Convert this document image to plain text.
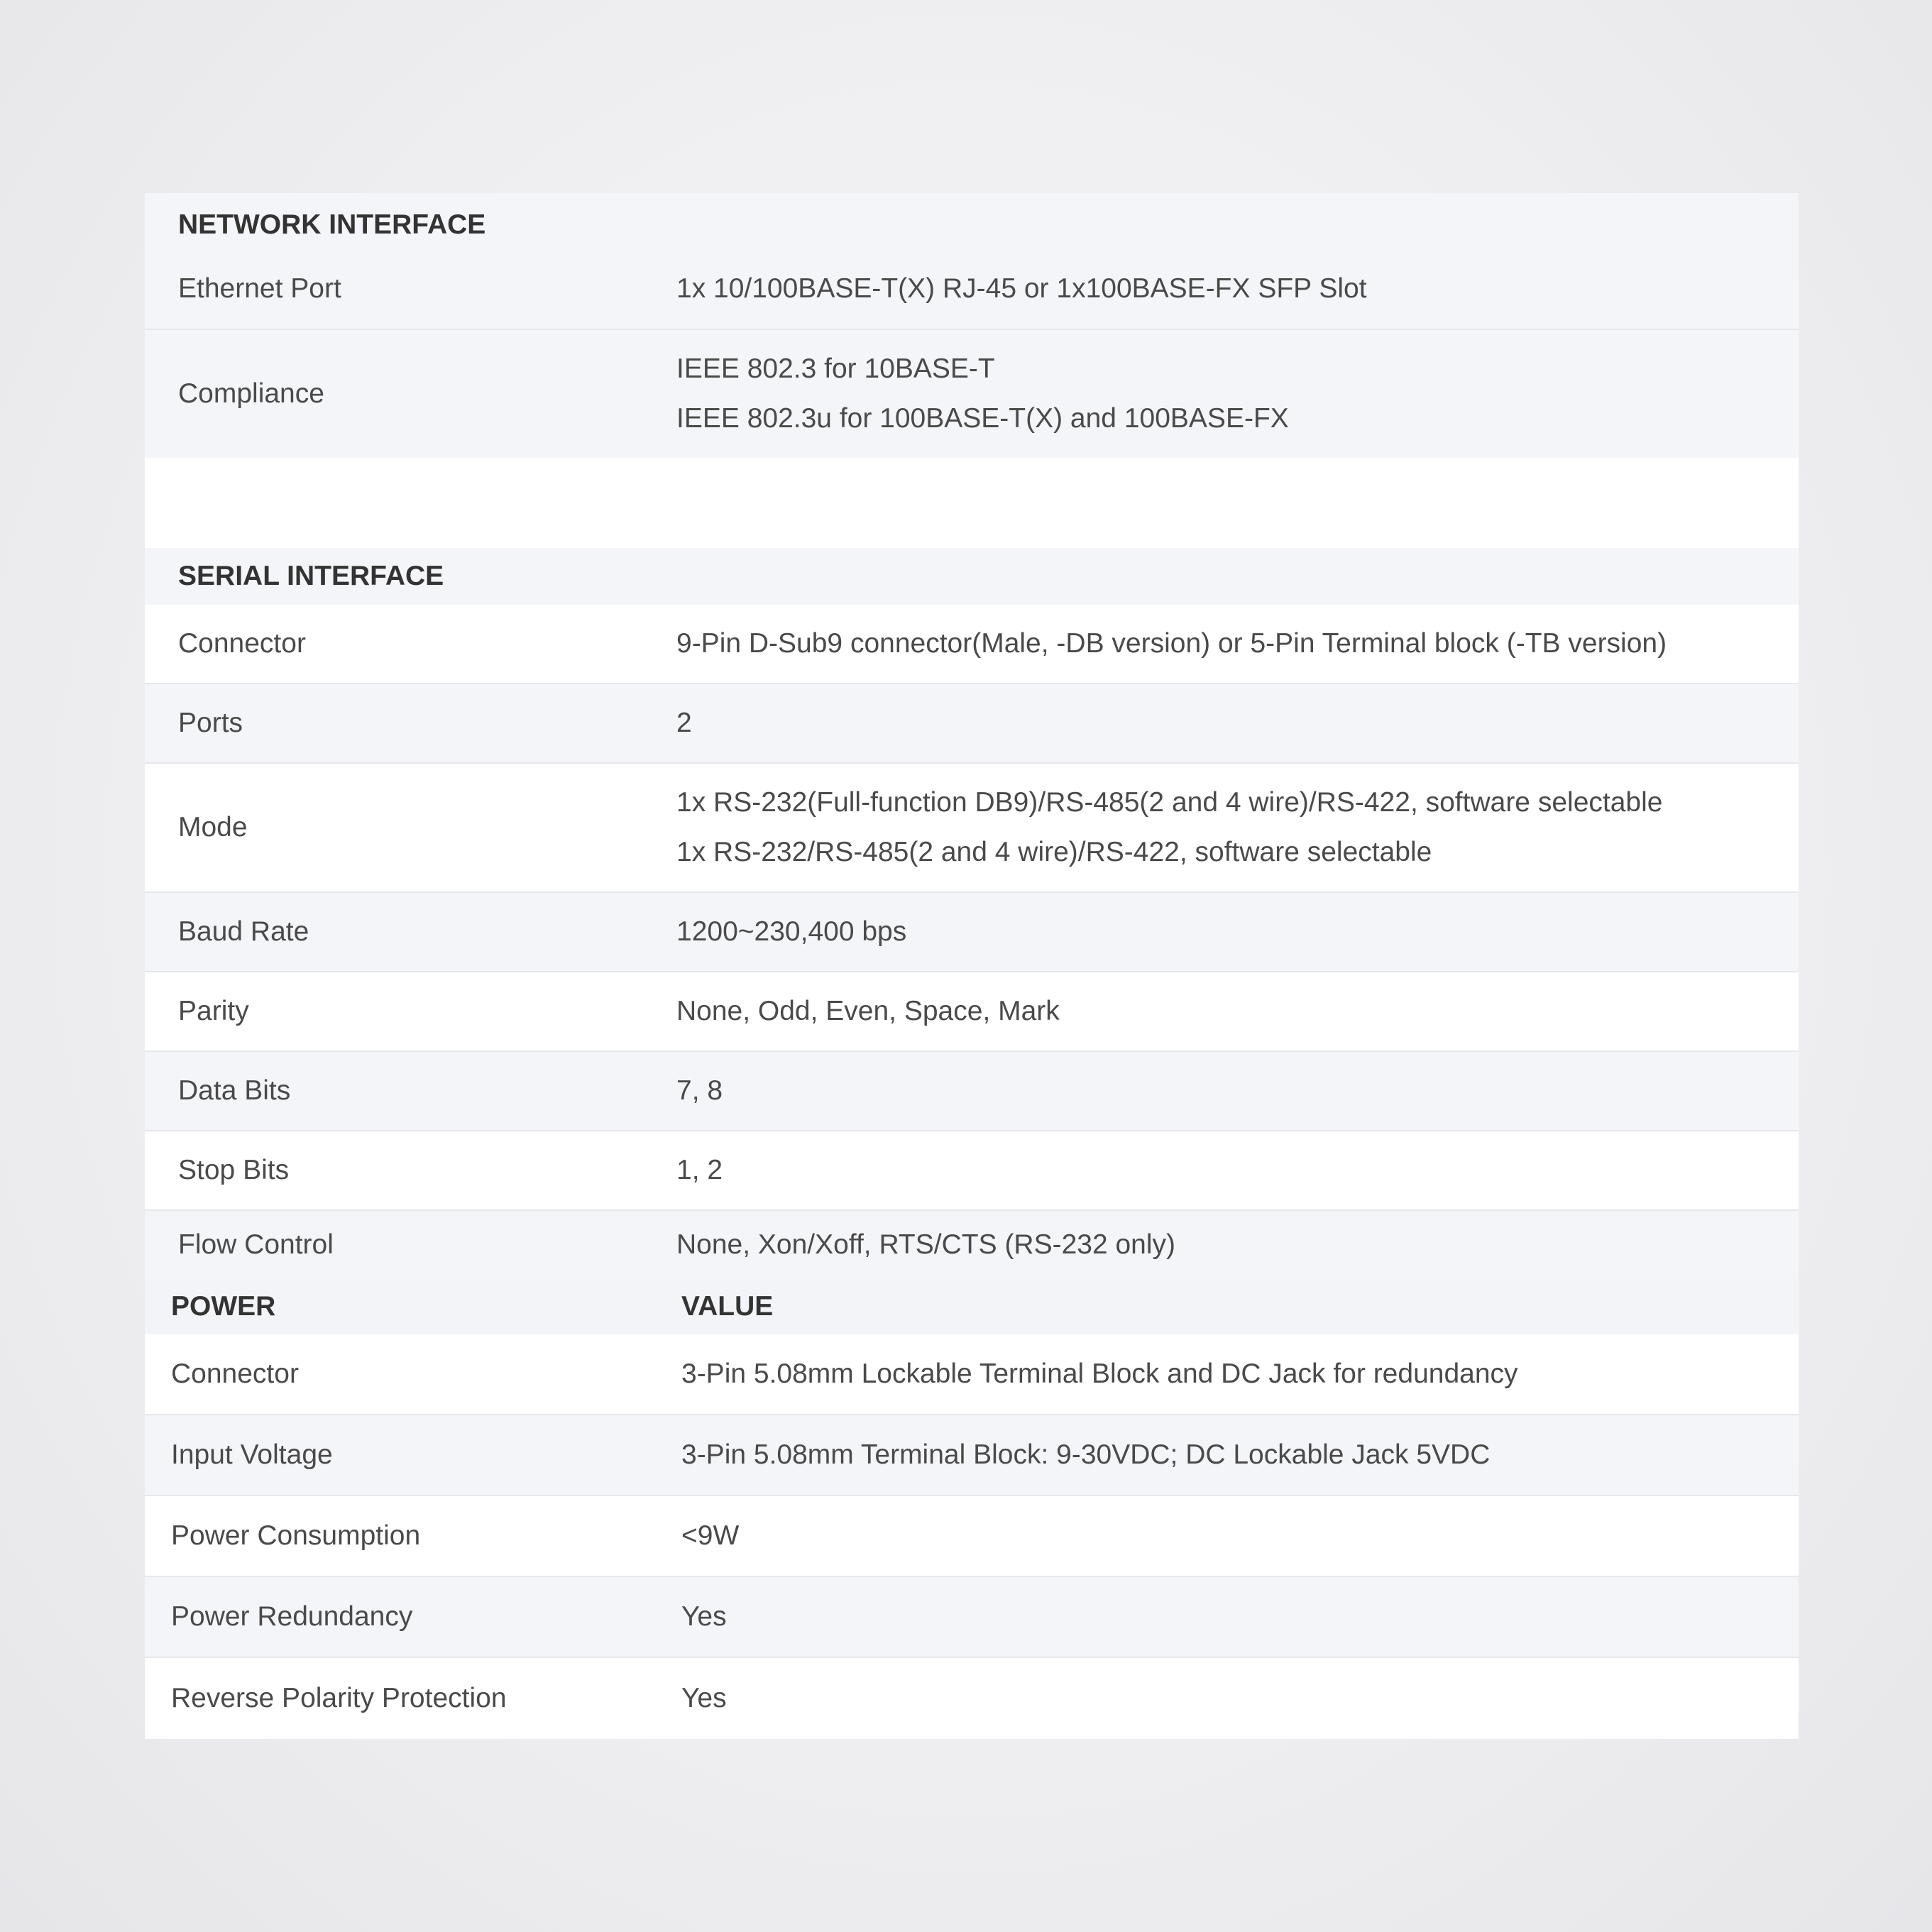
NETWORK INTERFACE
Ethernet Port	1x 10/100BASE-T(X) RJ-45 or 1x100BASE-FX SFP Slot
Compliance
IEEE 802.3 for 10BASE-T
IEEE 802.3u for 100BASE-T(X) and 100BASE-FX
SERIAL INTERFACE
Connector	9-Pin D-Sub9 connector(Male, -DB version) or 5-Pin Terminal block (-TB version)
Ports	2
Mode
1x RS-232(Full-function DB9)/RS-485(2 and 4 wire)/RS-422, software selectable
1x RS-232/RS-485(2 and 4 wire)/RS-422, software selectable
Baud Rate	1200~230,400 bps
Parity	None, Odd, Even, Space, Mark
Data Bits	7, 8
Stop Bits	1, 2
Flow Control	None, Xon/Xoff, RTS/CTS (RS-232 only)
POWER	VALUE
Connector	3-Pin 5.08mm Lockable Terminal Block and DC Jack for redundancy
Input Voltage	3-Pin 5.08mm Terminal Block: 9-30VDC; DC Lockable Jack 5VDC
Power Consumption	<9W
Power Redundancy	Yes
Reverse Polarity Protection	Yes
